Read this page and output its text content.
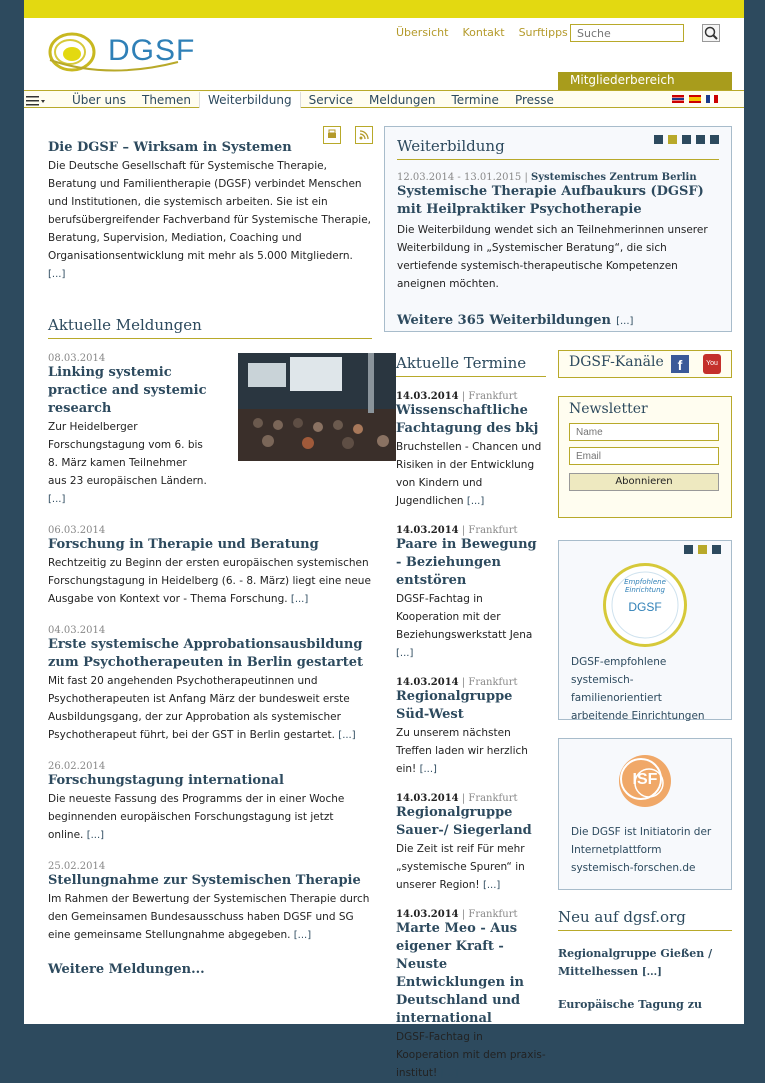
DGSF
Übersicht Kontakt Surftipps
Suche
Mitgliederbereich
Über uns	Themen	Weiterbildung	Service	Meldungen	Termine	Presse
Die DGSF – Wirksam in Systemen
Die Deutsche Gesellschaft für Systemische Therapie, Beratung und Familientherapie (DGSF) verbindet Menschen und Institutionen, die systemisch arbeiten. Sie ist ein berufsübergreifender Fachverband für Systemische Therapie, Beratung, Supervision, Mediation, Coaching und Organisationsentwicklung mit mehr als 5.000 Mitgliedern. [...]
Aktuelle Meldungen
08.03.2014
Linking systemic practice and systemic research
Zur Heidelberger Forschungstagung vom 6. bis 8. März kamen Teilnehmer aus 23 europäischen Ländern. [...]
06.03.2014
Forschung in Therapie und Beratung
Rechtzeitig zu Beginn der ersten europäischen systemischen Forschungstagung in Heidelberg (6. - 8. März) liegt eine neue Ausgabe von Kontext vor - Thema Forschung. [...]
04.03.2014
Erste systemische Approbationsausbildung zum Psychotherapeuten in Berlin gestartet
Mit fast 20 angehenden Psychotherapeutinnen und Psychotherapeuten ist Anfang März der bundesweit erste Ausbildungsgang, der zur Approbation als systemischer Psychotherapeut führt, bei der GST in Berlin gestartet. [...]
26.02.2014
Forschungstagung international
Die neueste Fassung des Programms der in einer Woche beginnenden europäischen Forschungstagung ist jetzt online. [...]
25.02.2014
Stellungnahme zur Systemischen Therapie
Im Rahmen der Bewertung der Systemischen Therapie durch den Gemeinsamen Bundesausschuss haben DGSF und SG eine gemeinsame Stellungnahme abgegeben. [...]
Weitere Meldungen...
Weiterbildung
12.03.2014 - 13.01.2015 | Systemisches Zentrum Berlin
Systemische Therapie Aufbaukurs (DGSF) mit Heilpraktiker Psychotherapie
Die Weiterbildung wendet sich an Teilnehmerinnen unserer Weiterbildung in „Systemischer Beratung“, die sich vertiefende systemisch-therapeutische Kompetenzen aneignen möchten.
Weitere 365 Weiterbildungen [...]
Aktuelle Termine
14.03.2014 | Frankfurt
Wissenschaftliche Fachtagung des bkj
Bruchstellen - Chancen und Risiken in der Entwicklung von Kindern und Jugendlichen [...]
14.03.2014 | Frankfurt
Paare in Bewegung - Beziehungen entstören
DGSF-Fachtag in Kooperation mit der Beziehungswerkstatt Jena [...]
14.03.2014 | Frankfurt
Regionalgruppe Süd-West
Zu unserem nächsten Treffen laden wir herzlich ein! [...]
14.03.2014 | Frankfurt
Regionalgruppe Sauer-/ Siegerland
Die Zeit ist reif Für mehr „systemische Spuren“ in unserer Region! [...]
14.03.2014 | Frankfurt
Marte Meo - Aus eigener Kraft - Neuste Entwicklungen in Deutschland und international
DGSF-Fachtag in Kooperation mit dem praxis-institut! [...]
DGSF-Kanäle f	You
Newsletter
Name Email
Abonnieren
Empfohlene Einrichtung
DGSF
DGSF-empfohlene systemisch-familienorientiert arbeitende Einrichtungen
ISF
Die DGSF ist Initiatorin der Internetplattform systemisch-forschen.de
Neu auf dgsf.org
Regionalgruppe Gießen / Mittelhessen [...]
Europäische Tagung zu
